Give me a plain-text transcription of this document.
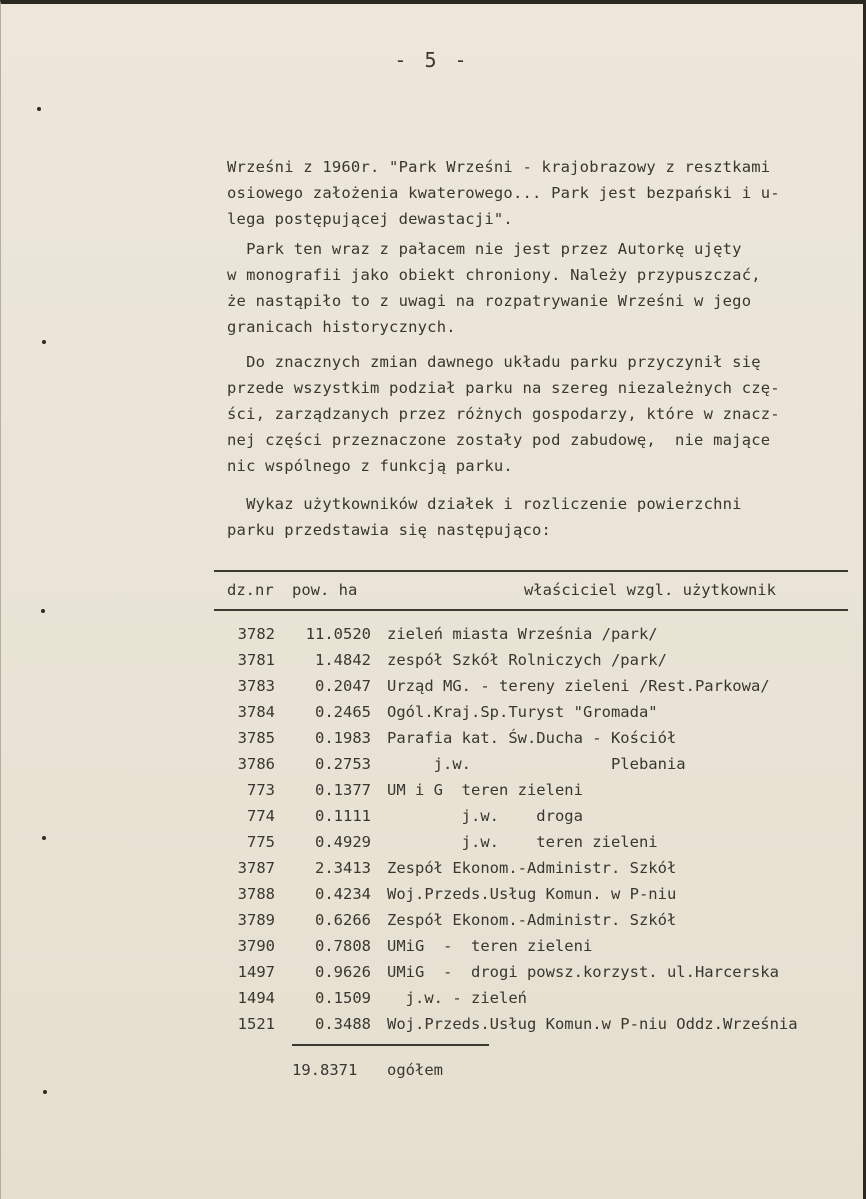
- 5 -
Wrześni z 1960r. "Park Wrześni - krajobrazowy z resztkami
osiowego założenia kwaterowego... Park jest bezpański i u-
lega postępującej dewastacji".
Park ten wraz z pałacem nie jest przez Autorkę ujęty
w monografii jako obiekt chroniony. Należy przypuszczać,
że nastąpiło to z uwagi na rozpatrywanie Wrześni w jego
granicach historycznych.
Do znacznych zmian dawnego układu parku przyczynił się
przede wszystkim podział parku na szereg niezależnych czę-
ści, zarządzanych przez różnych gospodarzy, które w znacz-
nej części przeznaczone zostały pod zabudowę,  nie mające
nic wspólnego z funkcją parku.
Wykaz użytkowników działek i rozliczenie powierzchni
parku przedstawia się następująco:
dz.nr pow. ha	właściciel wzgl. użytkownik
3782	11.0520 zieleń miasta Września /park/
3781	1.4842 zespół Szkół Rolniczych /park/
3783	0.2047 Urząd MG. - tereny zieleni /Rest.Parkowa/
3784	0.2465 Ogól.Kraj.Sp.Turyst "Gromada"
3785	0.1983 Parafia kat. Św.Ducha - Kościół
3786	0.2753 j.w.               Plebania
773	0.1377 UM i G  teren zieleni
774	0.1111 j.w.    droga
775	0.4929 j.w.    teren zieleni
3787	2.3413 Zespół Ekonom.-Administr. Szkół
3788	0.4234 Woj.Przeds.Usług Komun. w P-niu
3789	0.6266 Zespół Ekonom.-Administr. Szkół
3790	0.7808 UMiG  -  teren zieleni
1497	0.9626 UMiG  -  drogi powsz.korzyst. ul.Harcerska
1494	0.1509 j.w. - zieleń
1521	0.3488 Woj.Przeds.Usług Komun.w P-niu Oddz.Września
19.8371 ogółem
